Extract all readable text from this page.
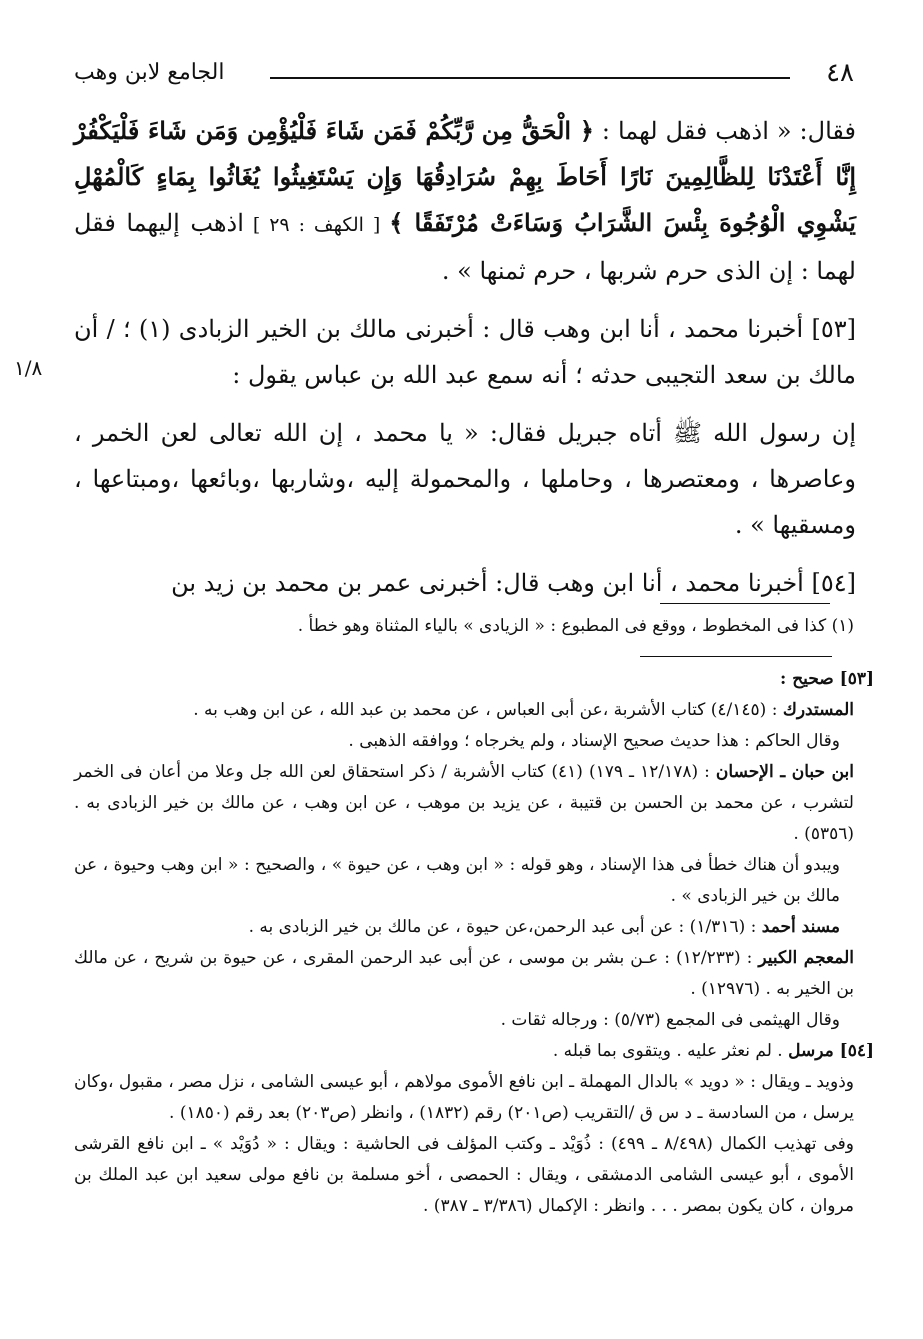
٤٨
الجامع لابن وهب
١/٨

فقال: « اذهب فقل لهما : ﴿ الْحَقُّ مِن رَّبِّكُمْ فَمَن شَاءَ فَلْيُؤْمِن وَمَن شَاءَ فَلْيَكْفُرْ إِنَّا أَعْتَدْنَا لِلظَّالِمِينَ نَارًا أَحَاطَ بِهِمْ سُرَادِقُهَا وَإِن يَسْتَغِيثُوا يُغَاثُوا بِمَاءٍ كَالْمُهْلِ يَشْوِي الْوُجُوهَ بِئْسَ الشَّرَابُ وَسَاءَتْ مُرْتَفَقًا ﴾ [ الكهف : ٢٩ ] اذهب إليهما فقل لهما : إن الذى حرم شربها ، حرم ثمنها » .

[٥٣] أخبرنا محمد ، أنا ابن وهب قال : أخبرنى مالك بن الخير الزبادى (١) ؛ / أن مالك بن سعد التجيبى حدثه ؛ أنه سمع عبد الله بن عباس يقول :

إن رسول الله ﷺ أتاه جبريل فقال: « يا محمد ، إن الله تعالى لعن الخمر ، وعاصرها ، ومعتصرها ، وحاملها ، والمحمولة إليه ،وشاربها ،وبائعها ،ومبتاعها ، ومسقيها » .

[٥٤] أخبرنا محمد ، أنا ابن وهب قال: أخبرنى عمر بن محمد بن زيد بن

(١) كذا فى المخطوط ، ووقع فى المطبوع : « الزيادى » بالياء المثناة وهو خطأ .

[٥٣] صحيح :

المستدرك : (٤/١٤٥) كتاب الأشربة ،عن أبى العباس ، عن محمد بن عبد الله ، عن ابن وهب به .

وقال الحاكم : هذا حديث صحيح الإسناد ، ولم يخرجاه ؛ ووافقه الذهبى .

ابن حبان ـ الإحسان : (١٢/١٧٨ ـ ١٧٩) (٤١) كتاب الأشربة / ذكر استحقاق لعن الله جل وعلا من أعان فى الخمر لتشرب ، عن محمد بن الحسن بن قتيبة ، عن يزيد بن موهب ، عن ابن وهب ، عن مالك بن خير الزبادى به . (٥٣٥٦) .

ويبدو أن هناك خطأ فى هذا الإسناد ، وهو قوله : « ابن وهب ، عن حيوة » ، والصحيح : « ابن وهب وحيوة ، عن مالك بن خير الزبادى » .

مسند أحمد : (١/٣١٦) : عن أبى عبد الرحمن،عن حيوة ، عن مالك بن خير الزبادى به .

المعجم الكبير : (١٢/٢٣٣) : عـن بشر بن موسى ، عن أبى عبد الرحمن المقرى ، عن حيوة بن شريح ، عن مالك بن الخير به . (١٢٩٧٦) .

وقال الهيثمى فى المجمع (٥/٧٣) : ورجاله ثقات .

[٥٤] مرسل . لم نعثر عليه . ويتقوى بما قبله .

وذويد ـ ويقال : « دويد » بالدال المهملة ـ ابن نافع الأموى مولاهم ، أبو عيسى الشامى ، نزل مصر ، مقبول ،وكان يرسل ، من السادسة ـ د س ق /التقريب (ص٢٠١) رقم (١٨٣٢) ، وانظر (ص٢٠٣) بعد رقم (١٨٥٠) .

وفى تهذيب الكمال (٨/٤٩٨ ـ ٤٩٩) : ذُوَيْد ـ وكتب المؤلف فى الحاشية : ويقال : « دُوَيْد » ـ ابن نافع القرشى الأموى ، أبو عيسى الشامى الدمشقى ، ويقال : الحمصى ، أخو مسلمة بن نافع مولى سعيد ابن عبد الملك بن مروان ، كان يكون بمصر . . . وانظر : الإكمال (٣/٣٨٦ ـ ٣٨٧) .
